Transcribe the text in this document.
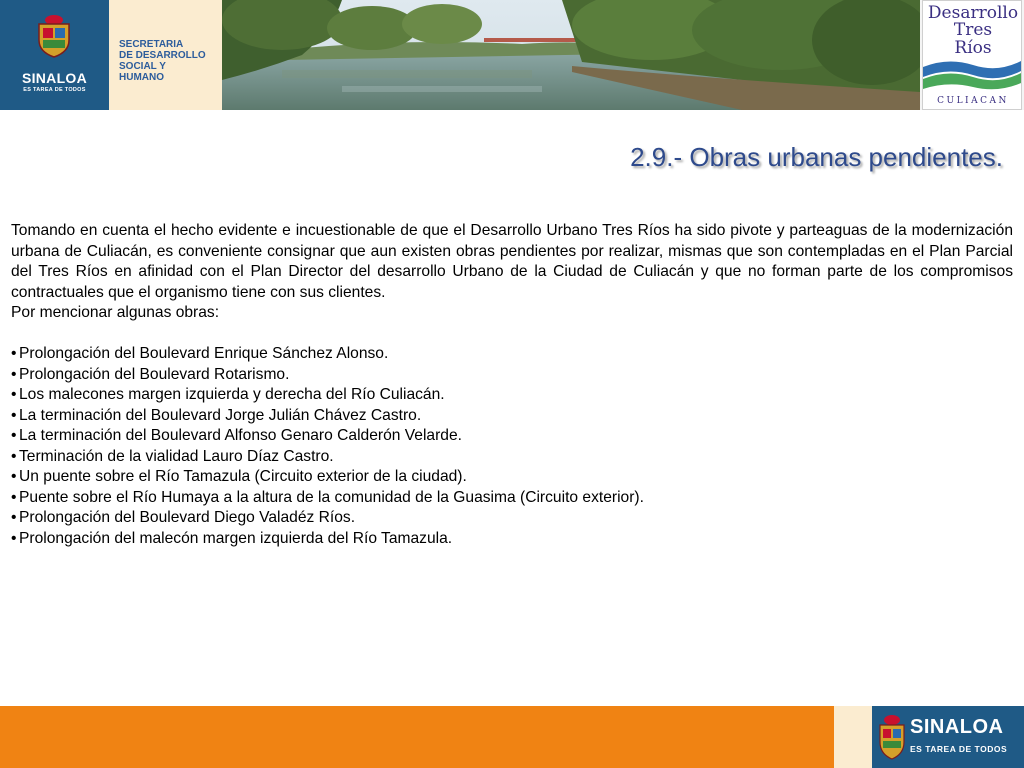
SINALOA
ES TAREA DE TODOS
SECRETARIA
DE DESARROLLO
SOCIAL Y
HUMANO
Desarrollo
Tres
Ríos
CULIACAN
2.9.- Obras urbanas pendientes.

Tomando en cuenta el hecho evidente e incuestionable de que el Desarrollo Urbano Tres Ríos ha sido pivote y parteaguas de la modernización urbana de Culiacán, es conveniente consignar que aun existen obras pendientes por realizar, mismas que son contempladas en el Plan Parcial del Tres Ríos en afinidad con el Plan Director del desarrollo Urbano de la Ciudad de Culiacán y que no forman parte de los compromisos contractuales que el organismo tiene con sus clientes.

Por mencionar algunas obras:

• Prolongación del Boulevard Enrique Sánchez Alonso.
• Prolongación del Boulevard Rotarismo.
• Los malecones margen izquierda y derecha del Río Culiacán.
• La terminación del Boulevard Jorge Julián Chávez Castro.
• La terminación del Boulevard Alfonso Genaro Calderón Velarde.
• Terminación de la vialidad Lauro Díaz Castro.
• Un puente sobre el Río Tamazula (Circuito exterior de la ciudad).
• Puente sobre el Río Humaya a la altura de la comunidad de la Guasima (Circuito exterior).
• Prolongación del Boulevard Diego Valadéz Ríos.
• Prolongación del malecón margen izquierda del Río Tamazula.
SINALOA
ES TAREA DE TODOS
